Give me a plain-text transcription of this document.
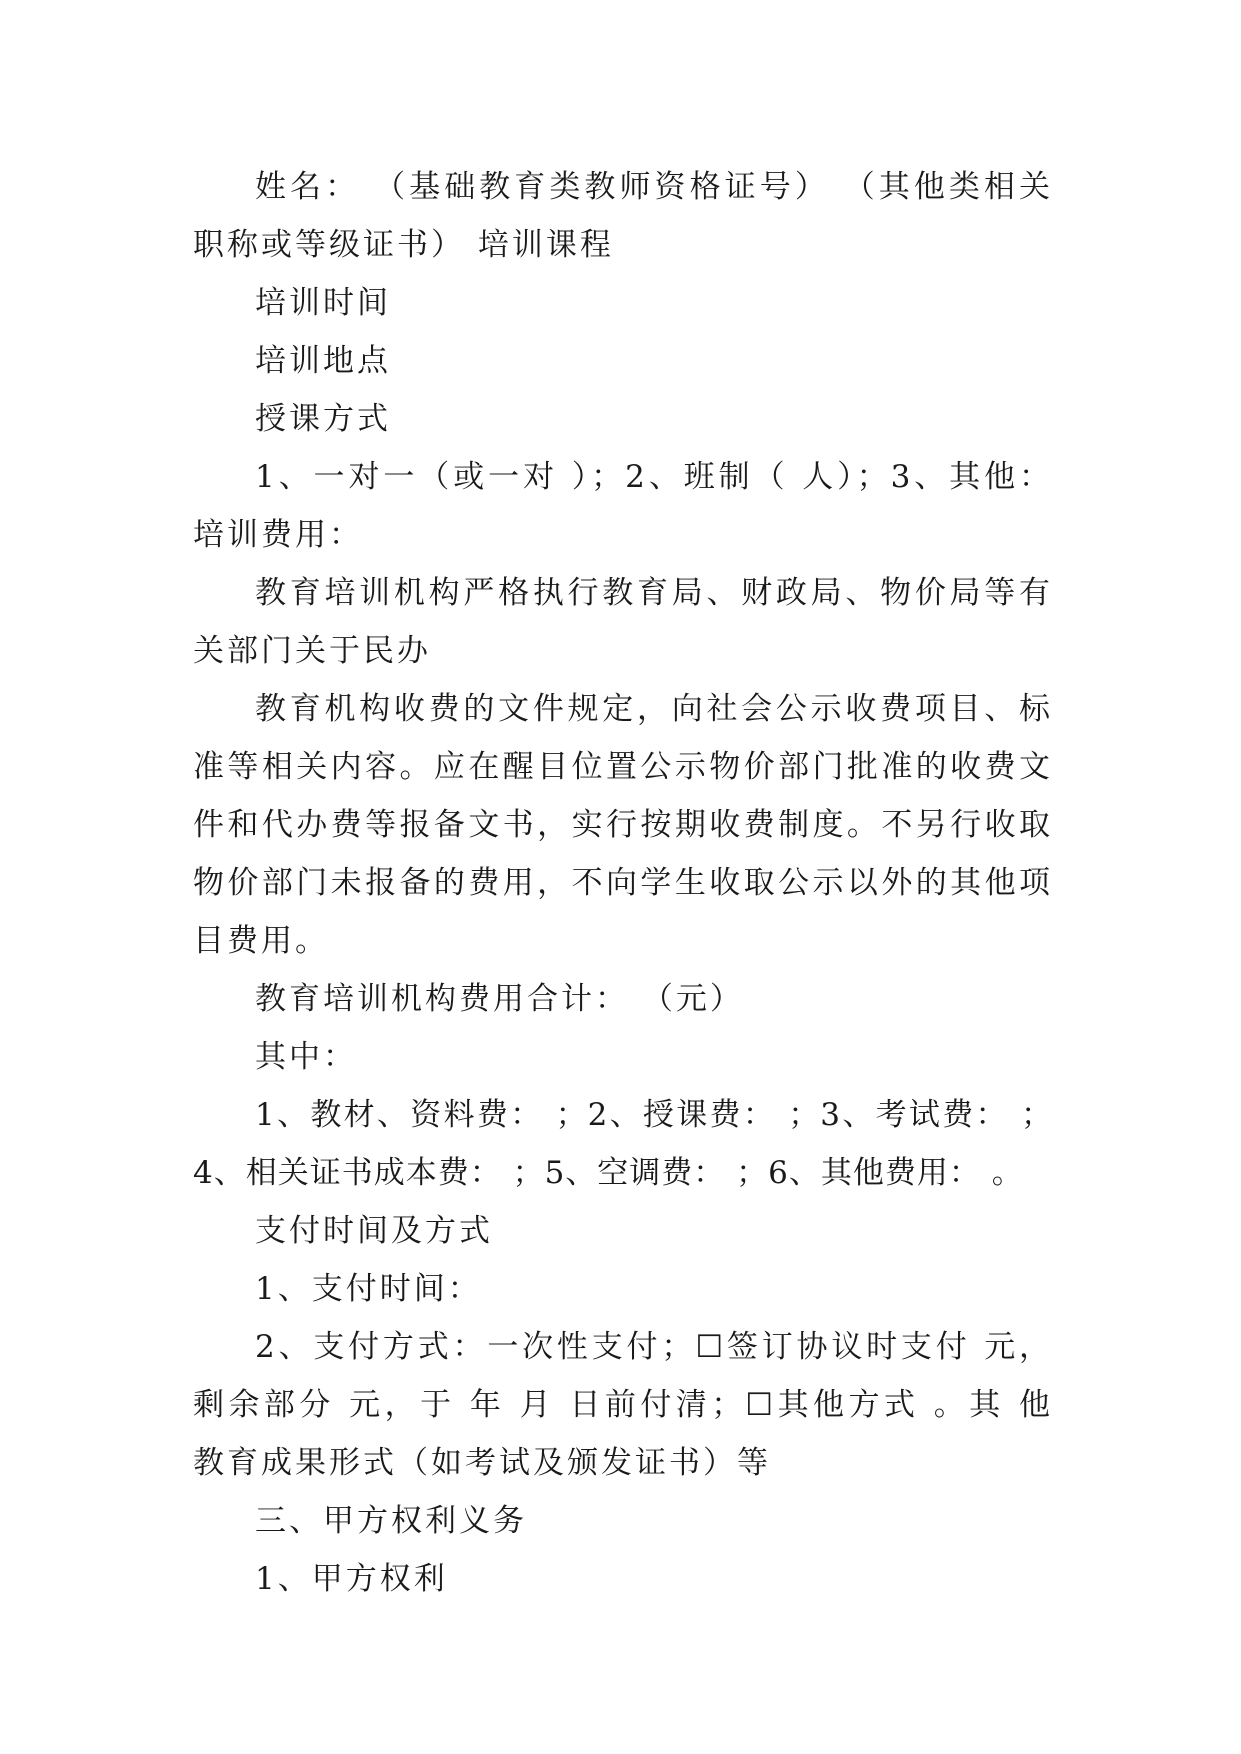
姓名： （基础教育类教师资格证号） （其他类相关职称或等级证书） 培训课程

培训时间

培训地点

授课方式

1、一对一（或一对 ）；2、班制（ 人）；3、其他： 培训费用：

教育培训机构严格执行教育局、财政局、物价局等有关部门关于民办

教育机构收费的文件规定，向社会公示收费项目、标准等相关内容。应在醒目位置公示物价部门批准的收费文件和代办费等报备文书，实行按期收费制度。不另行收取物价部门未报备的费用，不向学生收取公示以外的其他项目费用。

教育培训机构费用合计： （元）

其中：

1、教材、资料费： ；2、授课费： ；3、考试费： ；4、相关证书成本费： ；5、空调费： ；6、其他费用： 。

支付时间及方式

1、支付时间：

2、支付方式：一次性支付；☐签订协议时支付 元，剩余部分 元，于 年 月 日前付清；☐其他方式 。其 他 教育成果形式（如考试及颁发证书）等

三、甲方权利义务

1、甲方权利
